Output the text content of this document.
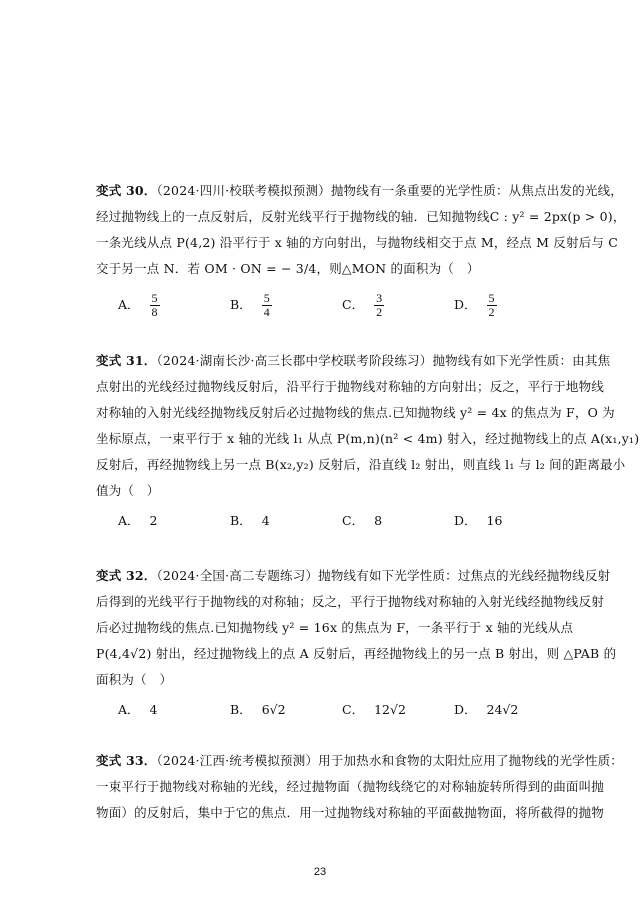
变式 30．（2024·四川·校联考模拟预测）抛物线有一条重要的光学性质：从焦点出发的光线，
经过抛物线上的一点反射后，反射光线平行于抛物线的轴．已知抛物线C : y² = 2px(p > 0)，
一条光线从点 P(4,2) 沿平行于 x 轴的方向射出，与抛物线相交于点 M，经点 M 反射后与 C
交于另一点 N．若 OM · ON = − 3/4，则△MON 的面积为（　）
A． $\frac{5}{8}$	B． $\frac{5}{4}$	C． $\frac{3}{2}$	D． $\frac{5}{2}$
变式 31．（2024·湖南长沙·高三长郡中学校联考阶段练习）抛物线有如下光学性质：由其焦
点射出的光线经过抛物线反射后，沿平行于抛物线对称轴的方向射出；反之，平行于地物线
对称轴的入射光线经抛物线反射后必过抛物线的焦点.已知抛物线 y² = 4x 的焦点为 F，O 为
坐标原点，一束平行于 x 轴的光线 l₁ 从点 P(m,n)(n² < 4m) 射入，经过抛物线上的点 A(x₁,y₁)
反射后，再经抛物线上另一点 B(x₂,y₂) 反射后，沿直线 l₂ 射出，则直线 l₁ 与 l₂ 间的距离最小
值为（　）
A． 2	B． 4	C． 8	D． 16
变式 32．（2024·全国·高二专题练习）抛物线有如下光学性质：过焦点的光线经抛物线反射
后得到的光线平行于抛物线的对称轴；反之，平行于抛物线对称轴的入射光线经抛物线反射
后必过抛物线的焦点.已知抛物线 y² = 16x 的焦点为 F，一条平行于 x 轴的光线从点
P(4,4√2) 射出，经过抛物线上的点 A 反射后，再经抛物线上的另一点 B 射出，则 △PAB 的
面积为（　）
A． 4	B． 6√2	C． 12√2	D． 24√2
变式 33．（2024·江西·统考模拟预测）用于加热水和食物的太阳灶应用了抛物线的光学性质：
一束平行于抛物线对称轴的光线，经过抛物面（抛物线绕它的对称轴旋转所得到的曲面叫抛
物面）的反射后，集中于它的焦点．用一过抛物线对称轴的平面截抛物面，将所截得的抛物
23
